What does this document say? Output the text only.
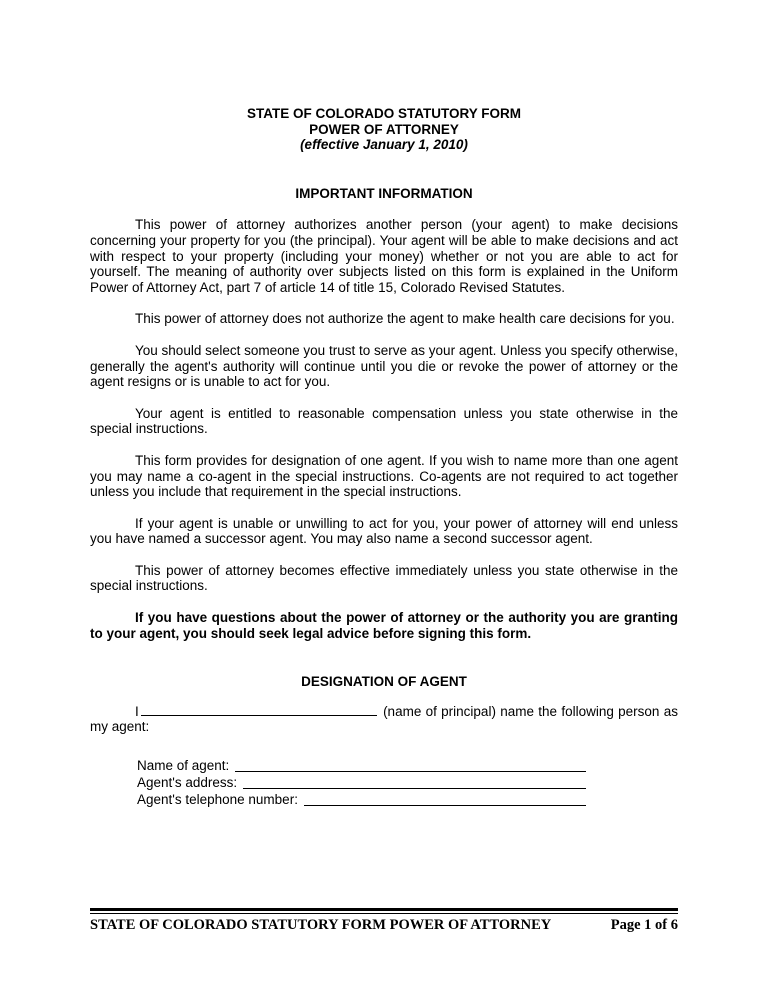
STATE OF COLORADO STATUTORY FORM
POWER OF ATTORNEY
(effective January 1, 2010)
IMPORTANT INFORMATION

This power of attorney authorizes another person (your agent) to make decisions concerning your property for you (the principal). Your agent will be able to make decisions and act with respect to your property (including your money) whether or not you are able to act for yourself. The meaning of authority over subjects listed on this form is explained in the Uniform Power of Attorney Act, part 7 of article 14 of title 15, Colorado Revised Statutes.

This power of attorney does not authorize the agent to make health care decisions for you.

You should select someone you trust to serve as your agent. Unless you specify otherwise, generally the agent's authority will continue until you die or revoke the power of attorney or the agent resigns or is unable to act for you.

Your agent is entitled to reasonable compensation unless you state otherwise in the special instructions.

This form provides for designation of one agent. If you wish to name more than one agent you may name a co-agent in the special instructions. Co-agents are not required to act together unless you include that requirement in the special instructions.

If your agent is unable or unwilling to act for you, your power of attorney will end unless you have named a successor agent. You may also name a second successor agent.

This power of attorney becomes effective immediately unless you state otherwise in the special instructions.

If you have questions about the power of attorney or the authority you are granting to your agent, you should seek legal advice before signing this form.

DESIGNATION OF AGENT

I	(name of principal) name the following person as my agent:

Name of agent:
Agent's address:
Agent's telephone number:
STATE OF COLORADO STATUTORY FORM POWER OF ATTORNEY	Page 1 of 6
